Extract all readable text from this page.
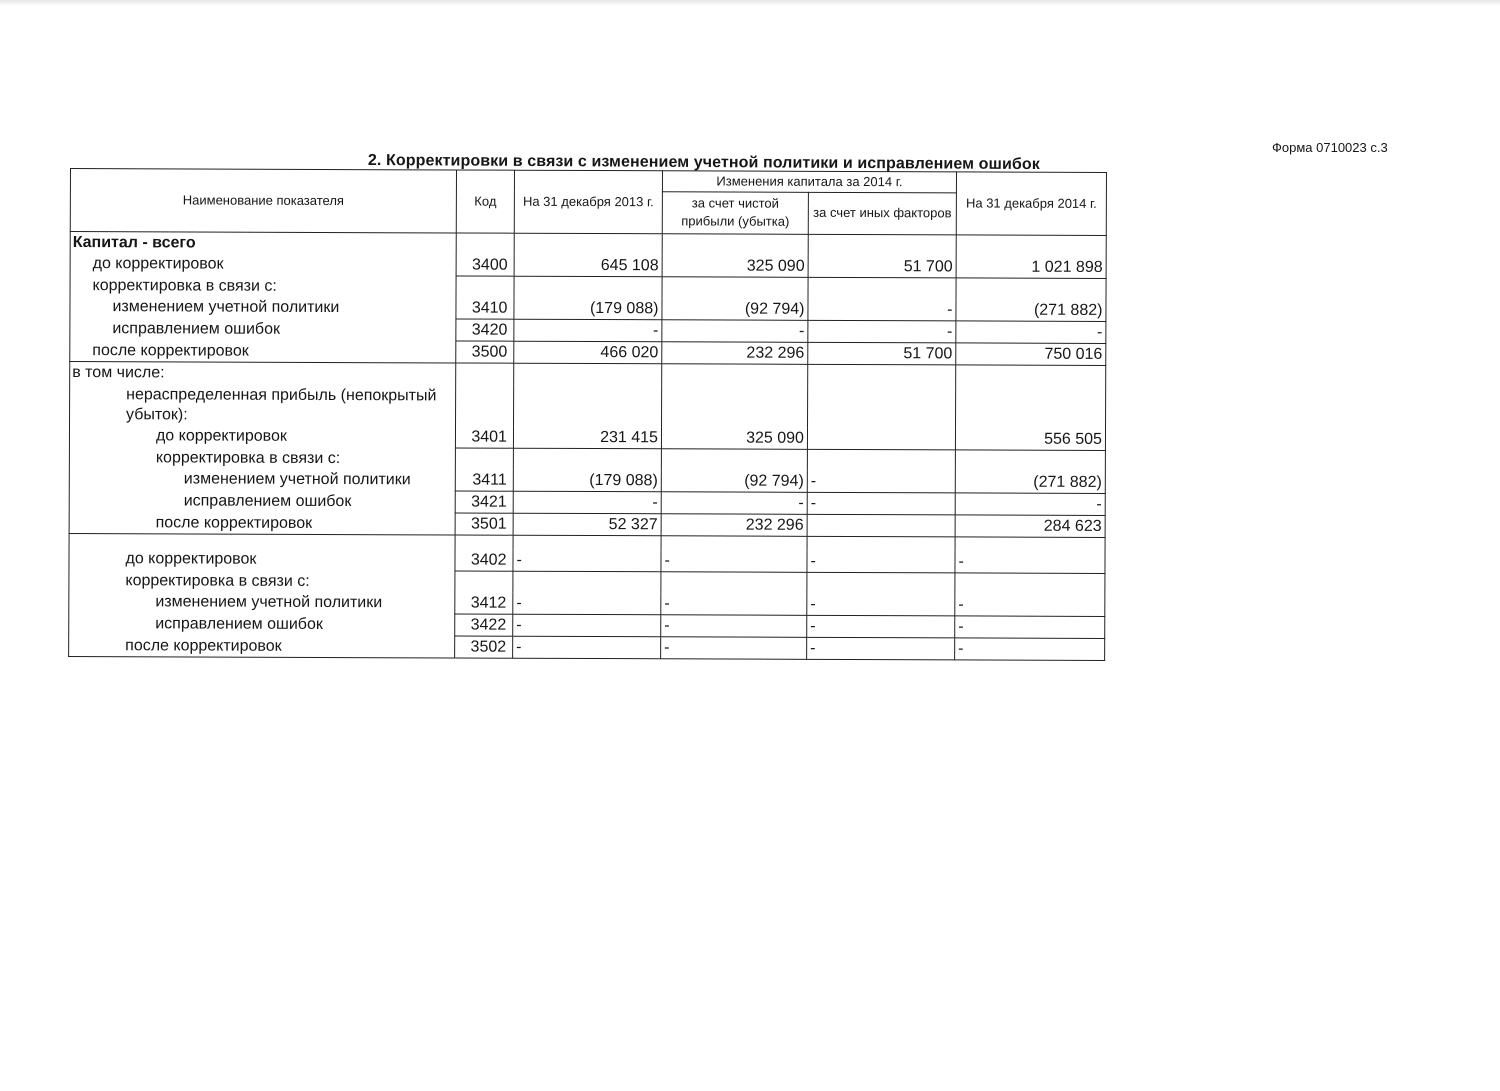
Форма 0710023 с.3
2. Корректировки в связи с изменением учетной политики и исправлением ошибок
Наименование показателя	Код	На 31 декабря 2013 г.	Изменения капитала за 2014 г.		На 31 декабря 2014 г.
			за счет чистой прибыли (убытка)	за счет иных факторов	
Капитал - всего					
до корректировок	3400	645 108	325 090	51 700	1 021 898
корректировка в связи с:					
изменением учетной политики	3410	(179 088)	(92 794)	-	(271 882)
исправлением ошибок	3420	-	-	-	-
после корректировок	3500	466 020	232 296	51 700	750 016
в том числе:					
нераспределенная прибыль (непокрытый убыток):					

до корректировок	3401	231 415	325 090		556 505
корректировка в связи с:					
изменением учетной политики	3411	(179 088)	(92 794)	-	(271 882)
исправлением ошибок	3421	-	-	-	-
после корректировок	3501	52 327	232 296		284 623

до корректировок	3402	-	-	-	-
корректировка в связи с:					
изменением учетной политики	3412	-	-	-	-
исправлением ошибок	3422	-	-	-	-
после корректировок	3502	-	-	-	-
